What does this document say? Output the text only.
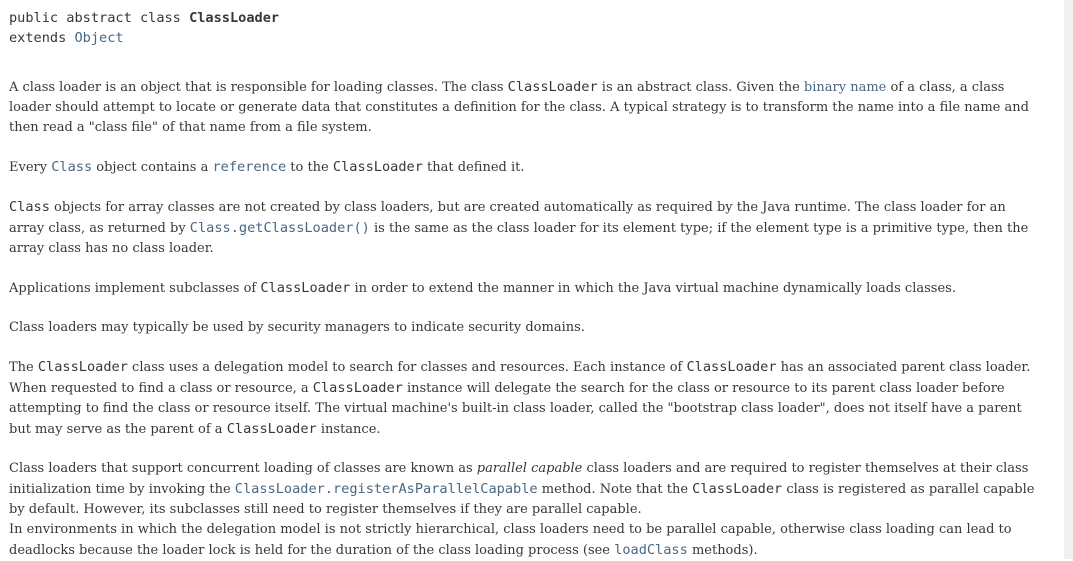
public abstract class ClassLoader
extends Object

A class loader is an object that is responsible for loading classes. The class ClassLoader is an abstract class. Given the binary name of a class, a class loader should attempt to locate or generate data that constitutes a definition for the class. A typical strategy is to transform the name into a file name and then read a "class file" of that name from a file system.

Every Class object contains a reference to the ClassLoader that defined it.

Class objects for array classes are not created by class loaders, but are created automatically as required by the Java runtime. The class loader for an array class, as returned by Class.getClassLoader() is the same as the class loader for its element type; if the element type is a primitive type, then the array class has no class loader.

Applications implement subclasses of ClassLoader in order to extend the manner in which the Java virtual machine dynamically loads classes.

Class loaders may typically be used by security managers to indicate security domains.

The ClassLoader class uses a delegation model to search for classes and resources. Each instance of ClassLoader has an associated parent class loader. When requested to find a class or resource, a ClassLoader instance will delegate the search for the class or resource to its parent class loader before attempting to find the class or resource itself. The virtual machine's built-in class loader, called the "bootstrap class loader", does not itself have a parent but may serve as the parent of a ClassLoader instance.

Class loaders that support concurrent loading of classes are known as parallel capable class loaders and are required to register themselves at their class initialization time by invoking the ClassLoader.registerAsParallelCapable method. Note that the ClassLoader class is registered as parallel capable by default. However, its subclasses still need to register themselves if they are parallel capable.
In environments in which the delegation model is not strictly hierarchical, class loaders need to be parallel capable, otherwise class loading can lead to deadlocks because the loader lock is held for the duration of the class loading process (see loadClass methods).
